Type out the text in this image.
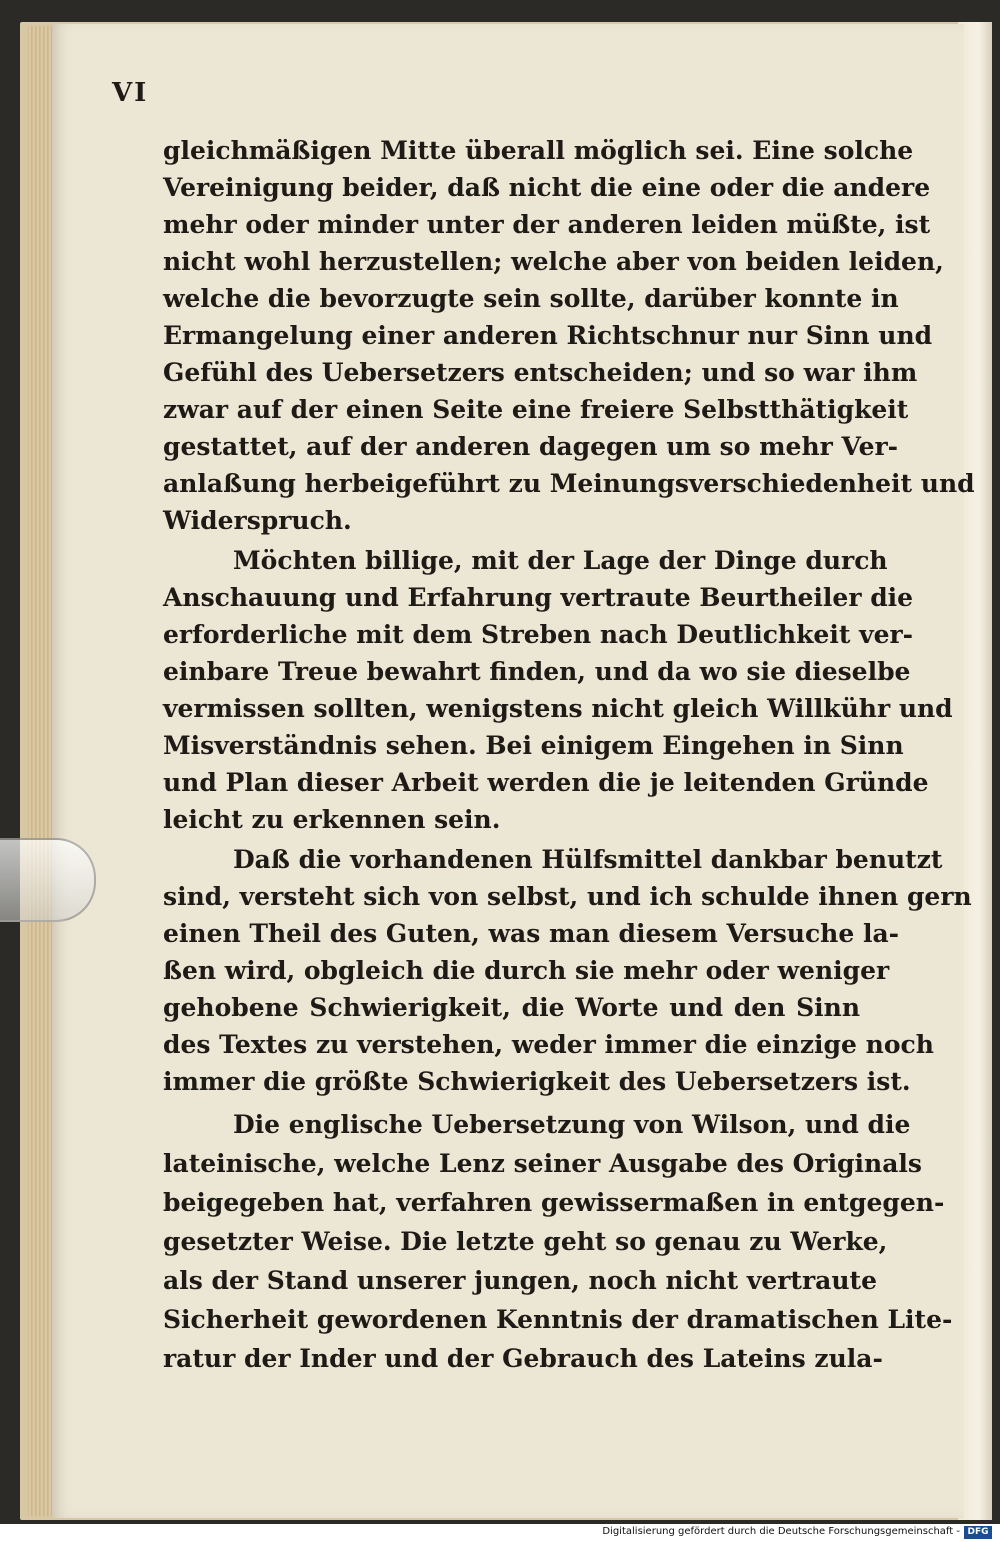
VI

gleichmäßigen Mitte überall möglich sei. Eine solche

Vereinigung beider, daß nicht die eine oder die andere

mehr oder minder unter der anderen leiden müßte, ist

nicht wohl herzustellen; welche aber von beiden leiden,

welche die bevorzugte sein sollte, darüber konnte in

Ermangelung einer anderen Richtschnur nur Sinn und

Gefühl des Uebersetzers entscheiden; und so war ihm

zwar auf der einen Seite eine freiere Selbstthätigkeit

gestattet, auf der anderen dagegen um so mehr Ver-

anlaßung herbeigeführt zu Meinungsverschiedenheit und

Widerspruch.

Möchten billige, mit der Lage der Dinge durch

Anschauung und Erfahrung vertraute Beurtheiler die

erforderliche mit dem Streben nach Deutlichkeit ver-

einbare Treue bewahrt finden, und da wo sie dieselbe

vermissen sollten, wenigstens nicht gleich Willkühr und

Misverständnis sehen. Bei einigem Eingehen in Sinn

und Plan dieser Arbeit werden die je leitenden Gründe

leicht zu erkennen sein.

Daß die vorhandenen Hülfsmittel dankbar benutzt

sind, versteht sich von selbst, und ich schulde ihnen gern

einen Theil des Guten, was man diesem Versuche la-

ßen wird, obgleich die durch sie mehr oder weniger

gehobene Schwierigkeit, die Worte und den Sinn

des Textes zu verstehen, weder immer die einzige noch

immer die größte Schwierigkeit des Uebersetzers ist.

Die englische Uebersetzung von Wilson, und die

lateinische, welche Lenz seiner Ausgabe des Originals

beigegeben hat, verfahren gewissermaßen in entgegen-

gesetzter Weise. Die letzte geht so genau zu Werke,

als der Stand unserer jungen, noch nicht vertraute

Sicherheit gewordenen Kenntnis der dramatischen Lite-

ratur der Inder und der Gebrauch des Lateins zula-

Digitalisierung gefördert durch die Deutsche Forschungsgemeinschaft - DFG
